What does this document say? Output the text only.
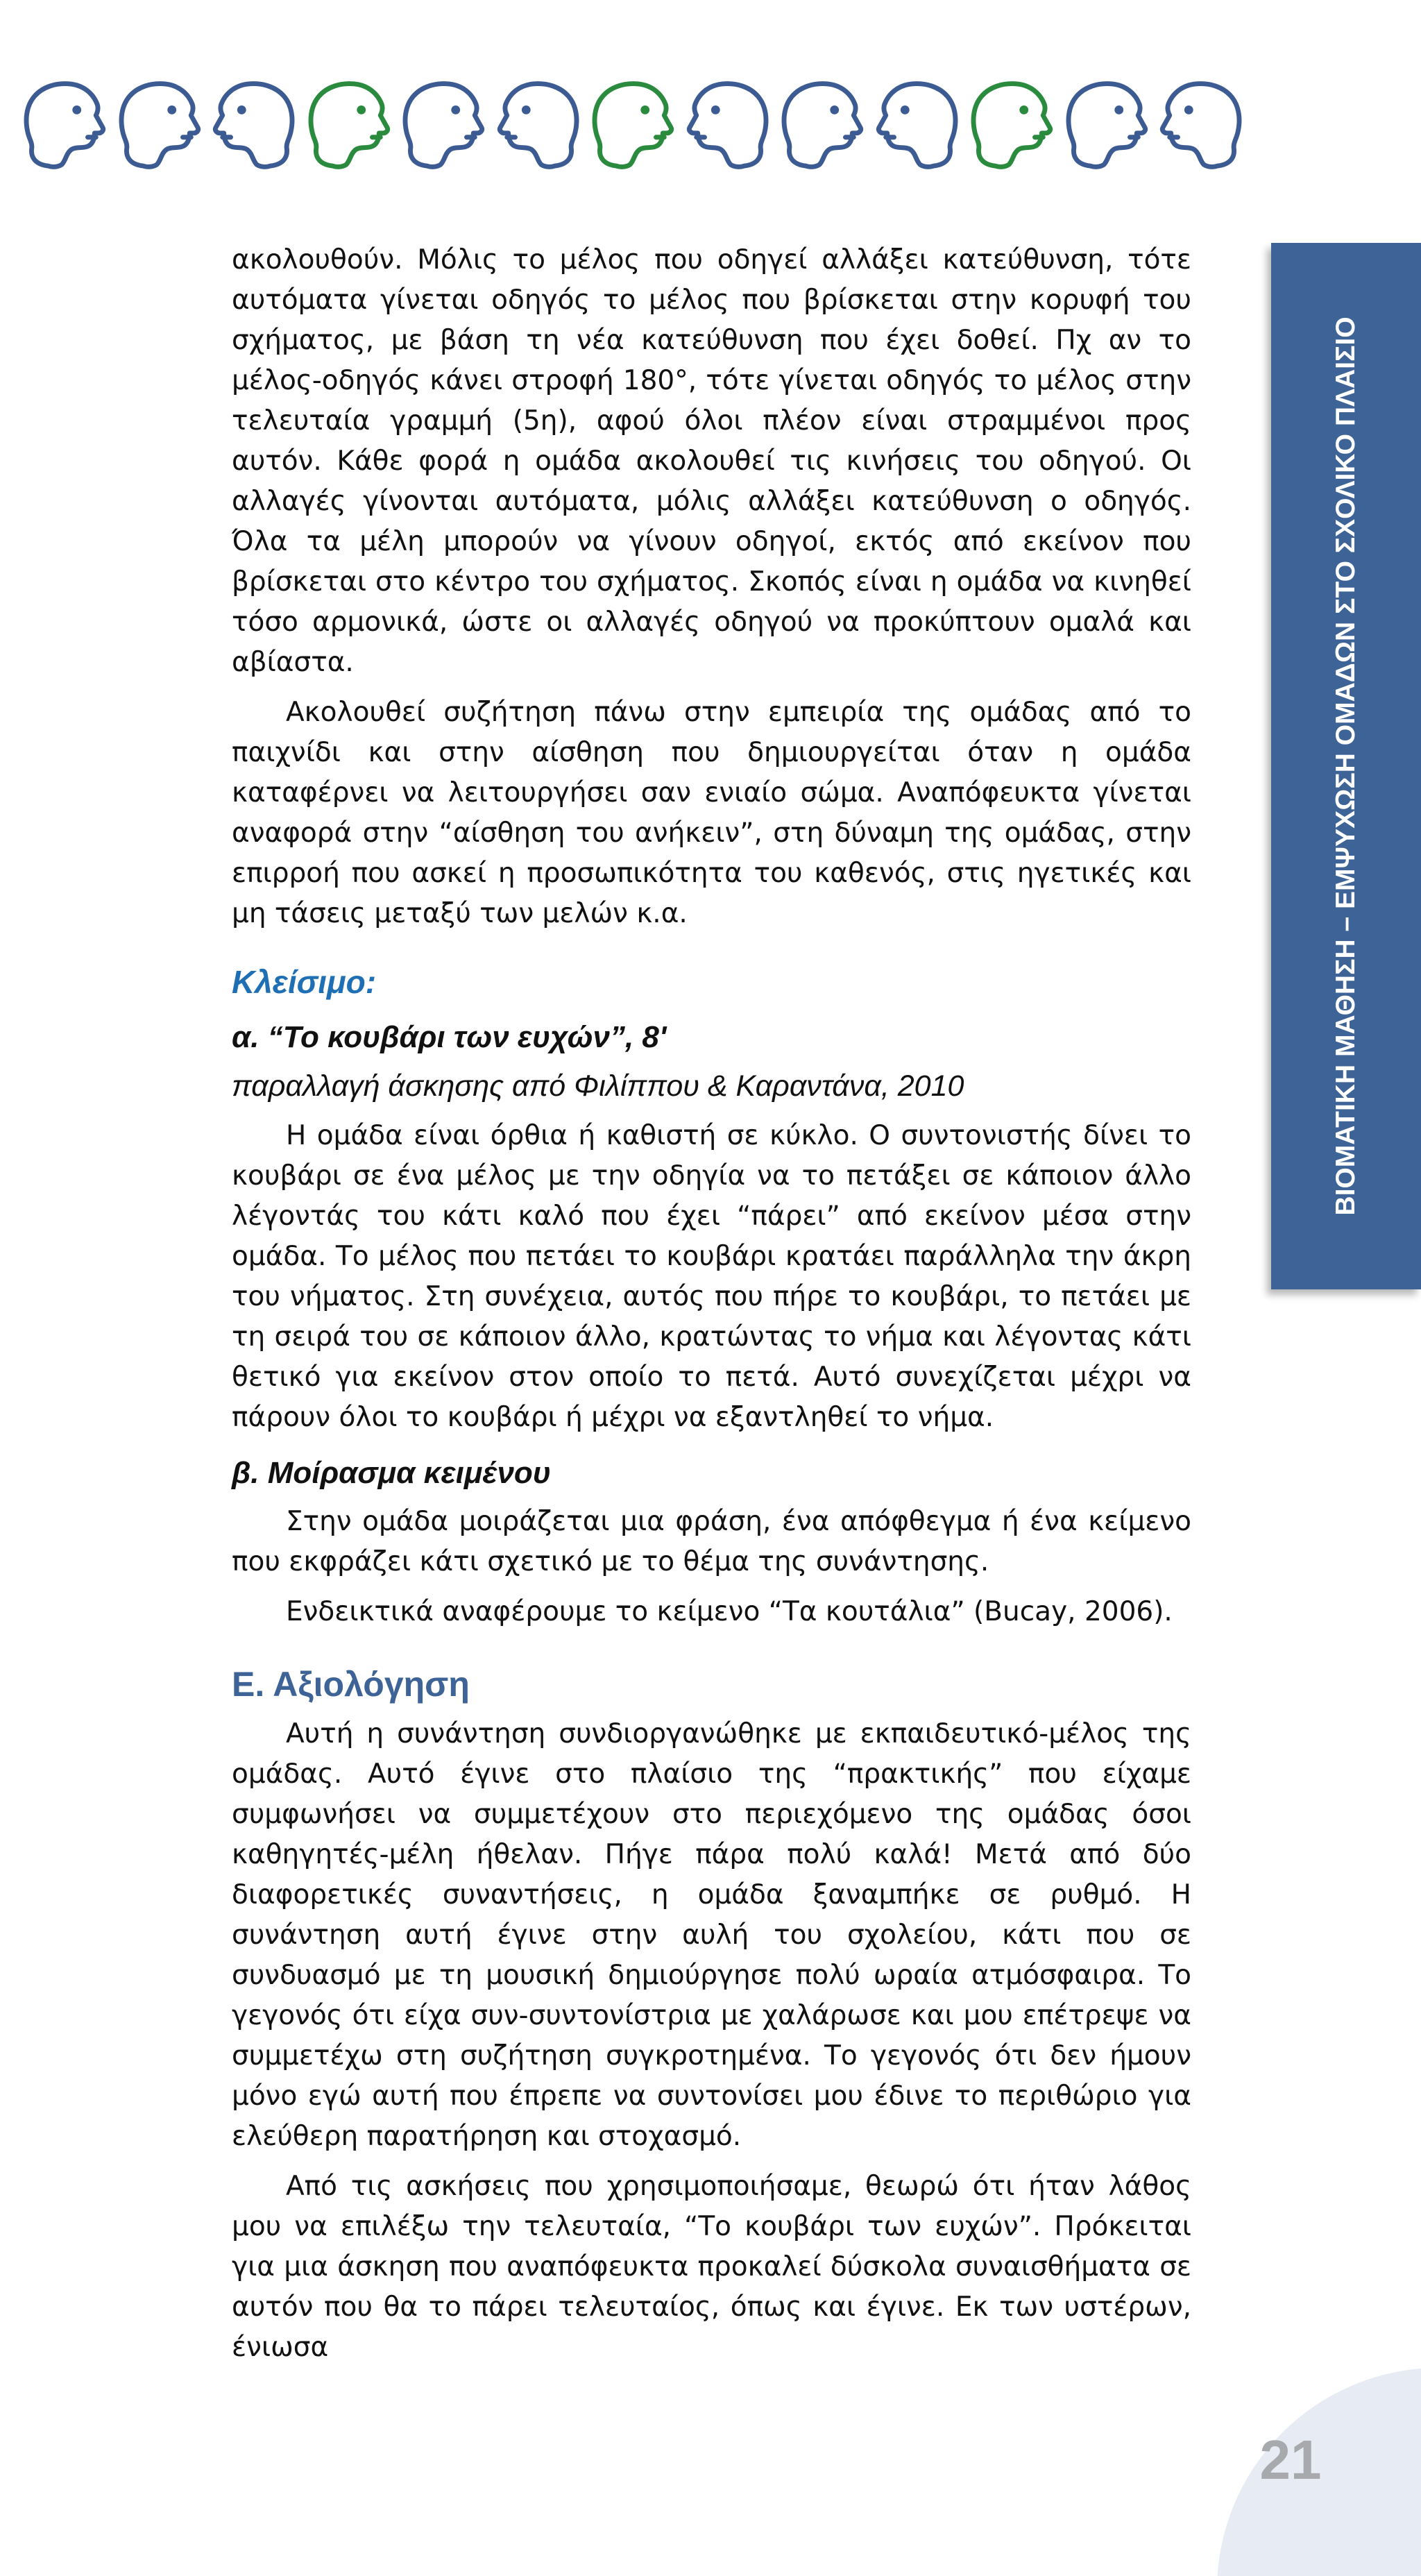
ΒΙΟΜΑΤΙΚΗ ΜΑΘΗΣΗ – ΕΜΨΥΧΩΣΗ ΟΜΑΔΩΝ ΣΤΟ ΣΧΟΛΙΚΟ ΠΛΑΙΣΙΟ

ακολουθούν. Μόλις το μέλος που οδηγεί αλλάξει κατεύθυνση, τότε αυτόματα γίνεται οδηγός το μέλος που βρίσκεται στην κορυφή του σχήματος, με βάση τη νέα κατεύθυνση που έχει δοθεί. Πχ αν το μέλος-οδηγός κάνει στροφή 180°, τότε γίνεται οδηγός το μέλος στην τελευταία γραμμή (5η), αφού όλοι πλέον είναι στραμμένοι προς αυτόν. Κάθε φορά η ομάδα ακολουθεί τις κινήσεις του οδηγού. Οι αλλαγές γίνονται αυτόματα, μόλις αλλάξει κατεύθυνση ο οδηγός. Όλα τα μέλη μπορούν να γίνουν οδηγοί, εκτός από εκείνον που βρίσκεται στο κέντρο του σχήματος. Σκοπός είναι η ομάδα να κινηθεί τόσο αρμονικά, ώστε οι αλλαγές οδηγού να προκύπτουν ομαλά και αβίαστα.

Ακολουθεί συζήτηση πάνω στην εμπειρία της ομάδας από το παιχνίδι και στην αίσθηση που δημιουργείται όταν η ομάδα καταφέρνει να λειτουργήσει σαν ενιαίο σώμα. Αναπόφευκτα γίνεται αναφορά στην “αίσθηση του ανήκειν”, στη δύναμη της ομάδας, στην επιρροή που ασκεί η προσωπικότητα του καθενός, στις ηγετικές και μη τάσεις μεταξύ των μελών κ.α.

Κλείσιμο:
α. “Το κουβάρι των ευχών”, 8'
παραλλαγή άσκησης από Φιλίππου & Καραντάνα, 2010

Η ομάδα είναι όρθια ή καθιστή σε κύκλο. Ο συντονιστής δίνει το κουβάρι σε ένα μέλος με την οδηγία να το πετάξει σε κάποιον άλλο λέγοντάς του κάτι καλό που έχει “πάρει” από εκείνον μέσα στην ομάδα. Το μέλος που πετάει το κουβάρι κρατάει παράλληλα την άκρη του νήματος. Στη συνέχεια, αυτός που πήρε το κουβάρι, το πετάει με τη σειρά του σε κάποιον άλλο, κρατώντας το νήμα και λέγοντας κάτι θετικό για εκείνον στον οποίο το πετά. Αυτό συνεχίζεται μέχρι να πάρουν όλοι το κουβάρι ή μέχρι να εξαντληθεί το νήμα.

β. Μοίρασμα κειμένου

Στην ομάδα μοιράζεται μια φράση, ένα απόφθεγμα ή ένα κείμενο που εκφράζει κάτι σχετικό με το θέμα της συνάντησης.

Ενδεικτικά αναφέρουμε το κείμενο “Τα κουτάλια” (Bucay, 2006).

Ε. Αξιολόγηση

Αυτή η συνάντηση συνδιοργανώθηκε με εκπαιδευτικό-μέλος της ομάδας. Αυτό έγινε στο πλαίσιο της “πρακτικής” που είχαμε συμφωνήσει να συμμετέχουν στο περιεχόμενο της ομάδας όσοι καθηγητές-μέλη ήθελαν. Πήγε πάρα πολύ καλά! Μετά από δύο διαφορετικές συναντήσεις, η ομάδα ξαναμπήκε σε ρυθμό. Η συνάντηση αυτή έγινε στην αυλή του σχολείου, κάτι που σε συνδυασμό με τη μουσική δημιούργησε πολύ ωραία ατμόσφαιρα. Το γεγονός ότι είχα συν-συντονίστρια με χαλάρωσε και μου επέτρεψε να συμμετέχω στη συζήτηση συγκροτημένα. Το γεγονός ότι δεν ήμουν μόνο εγώ αυτή που έπρεπε να συντονίσει μου έδινε το περιθώριο για ελεύθερη παρατήρηση και στοχασμό.

Από τις ασκήσεις που χρησιμοποιήσαμε, θεωρώ ότι ήταν λάθος μου να επιλέξω την τελευταία, “Το κουβάρι των ευχών”. Πρόκειται για μια άσκηση που αναπόφευκτα προκαλεί δύσκολα συναισθήματα σε αυτόν που θα το πάρει τελευταίος, όπως και έγινε. Εκ των υστέρων, ένιωσα

21
